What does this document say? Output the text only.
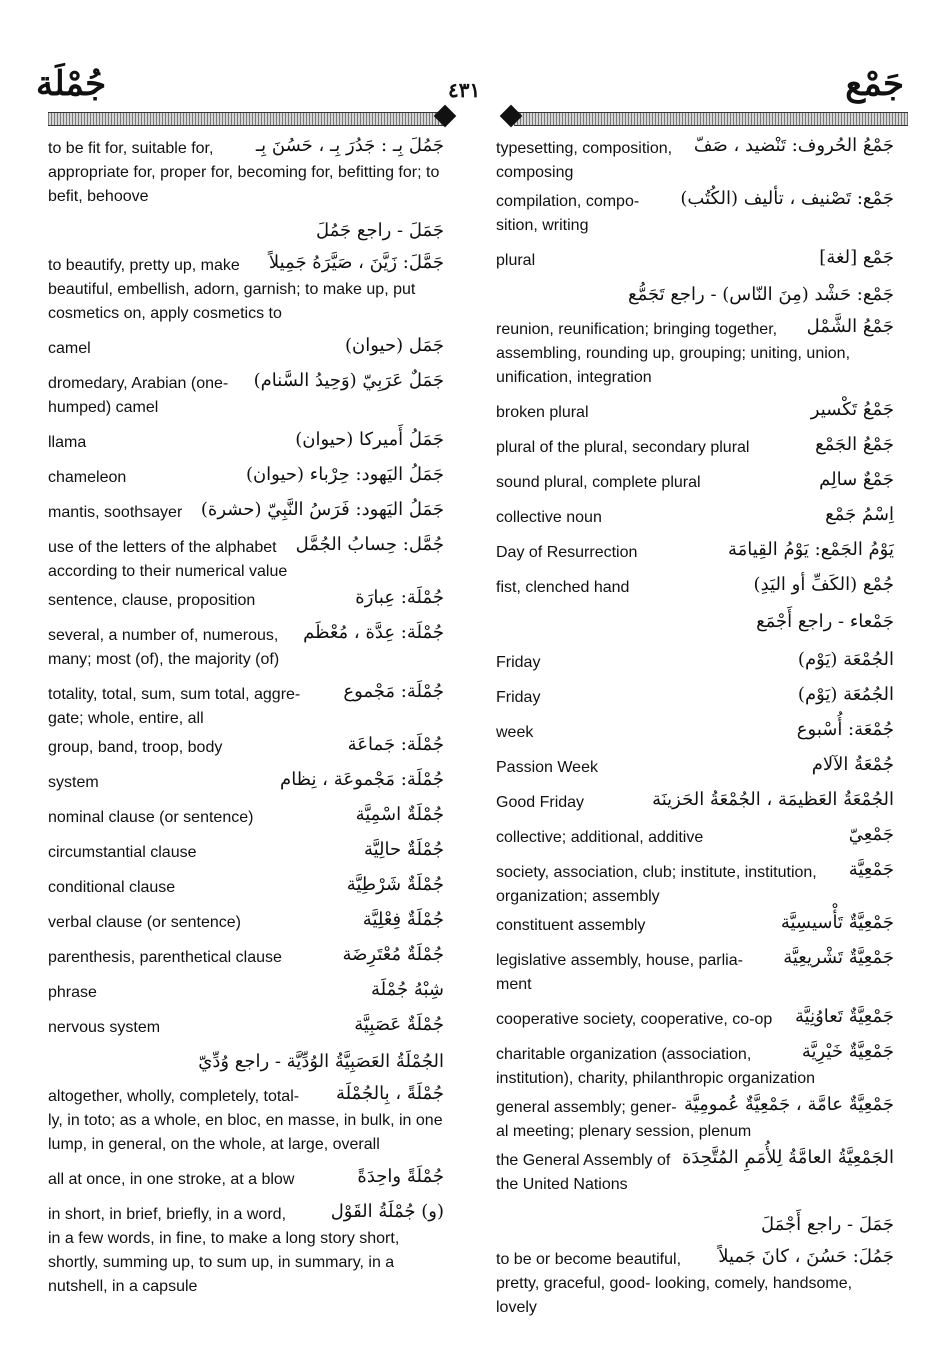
جُمْلَة	٤٣١	جَمْع
جَمُلَ بِـ : جَدُرَ بِـ ، حَسُنَ بِـ
to be fit for, suitable for,
appropriate for, proper for, becoming for, befitting for; to befit, behoove
جَمَلَ - راجع جَمُلَ
جَمَّلَ: زَيَّنَ ، صَيَّرَهُ جَمِيلاً
to beautify, pretty up, make
beautiful, embellish, adorn, garnish; to make up, put cosmetics on, apply cosmetics to
جَمَل (حيوان)
camel
جَمَلٌ عَرَبِيّ (وَحِيدُ السَّنام)
dromedary, Arabian (one-
humped) camel
جَمَلُ أَميركا (حيوان)
llama
جَمَلُ اليَهود: حِرْباء (حيوان)
chameleon
جَمَلُ اليَهود: فَرَسُ النَّبِيّ (حشرة)
mantis, soothsayer
جُمَّل: حِسابُ الجُمَّل
use of the letters of the alphabet
according to their numerical value
جُمْلَة: عِبارَة
sentence, clause, proposition
جُمْلَة: عِدَّة ، مُعْظَم
several, a number of, numerous,
many; most (of), the majority (of)
جُمْلَة: مَجْموع
totality, total, sum, sum total, aggre-
gate; whole, entire, all
جُمْلَة: جَماعَة
group, band, troop, body
جُمْلَة: مَجْموعَة ، نِظام
system
جُمْلَةٌ اسْمِيَّة
nominal clause (or sentence)
جُمْلَةٌ حالِيَّة
circumstantial clause
جُمْلَةٌ شَرْطِيَّة
conditional clause
جُمْلَةٌ فِعْلِيَّة
verbal clause (or sentence)
جُمْلَةٌ مُعْتَرِضَة
parenthesis, parenthetical clause
شِبْهُ جُمْلَة
phrase
جُمْلَةٌ عَصَبِيَّة
nervous system
الجُمْلَةُ العَصَبِيَّةُ الوُدِّيَّة - راجع وُدِّيّ
جُمْلَةً ، بِالجُمْلَة
altogether, wholly, completely, total-
ly, in toto; as a whole, en bloc, en masse, in bulk, in one lump, in general, on the whole, at large, overall
جُمْلَةً واحِدَةً
all at once, in one stroke, at a blow
(و) جُمْلَةُ القَوْل
in short, in brief, briefly, in a word,
in a few words, in fine, to make a long story short, shortly, summing up, to sum up, in summary, in a nutshell, in a capsule
جَمْعُ الحُروف: تَنْضيد ، صَفّ
typesetting, composition,
composing
جَمْع: تَصْنيف ، تأليف (الكُتُب)
compilation, compo-
sition, writing
جَمْع [لغة]
plural
جَمْع: حَشْد (مِنَ النّاس) - راجع تَجَمُّع
جَمْعُ الشَّمْل
reunion, reunification; bringing together,
assembling, rounding up, grouping; uniting, union, unification, integration
جَمْعُ تَكْسير
broken plural
جَمْعُ الجَمْع
plural of the plural, secondary plural
جَمْعٌ سالِم
sound plural, complete plural
اِسْمُ جَمْع
collective noun
يَوْمُ الجَمْع: يَوْمُ القِيامَة
Day of Resurrection
جُمْع (الكَفِّ أو اليَدِ)
fist, clenched hand
جَمْعاء - راجع أَجْمَع
الجُمْعَة (يَوْم)
Friday
الجُمُعَة (يَوْم)
Friday
جُمْعَة: أُسْبوع
week
جُمْعَةُ الآلام
Passion Week
الجُمْعَةُ العَظيمَة ، الجُمْعَةُ الحَزينَة
Good Friday
جَمْعِيّ
collective; additional, additive
جَمْعِيَّة
society, association, club; institute, institution,
organization; assembly
جَمْعِيَّةٌ تَأْسيسِيَّة
constituent assembly
جَمْعِيَّةٌ تَشْريعِيَّة
legislative assembly, house, parlia-
ment
جَمْعِيَّةٌ تَعاوُنِيَّة
cooperative society, cooperative, co-op
جَمْعِيَّةٌ خَيْرِيَّة
charitable organization (association,
institution), charity, philanthropic organization
جَمْعِيَّةٌ عامَّة ، جَمْعِيَّةٌ عُمومِيَّة
general assembly; gener-
al meeting; plenary session, plenum
الجَمْعِيَّةُ العامَّةُ لِلأُمَمِ المُتَّحِدَة
the General Assembly of
the United Nations
جَمَلَ - راجع أَجْمَلَ
جَمُلَ: حَسُنَ ، كانَ جَميلاً
to be or become beautiful,
pretty, graceful, good- looking, comely, handsome, lovely
